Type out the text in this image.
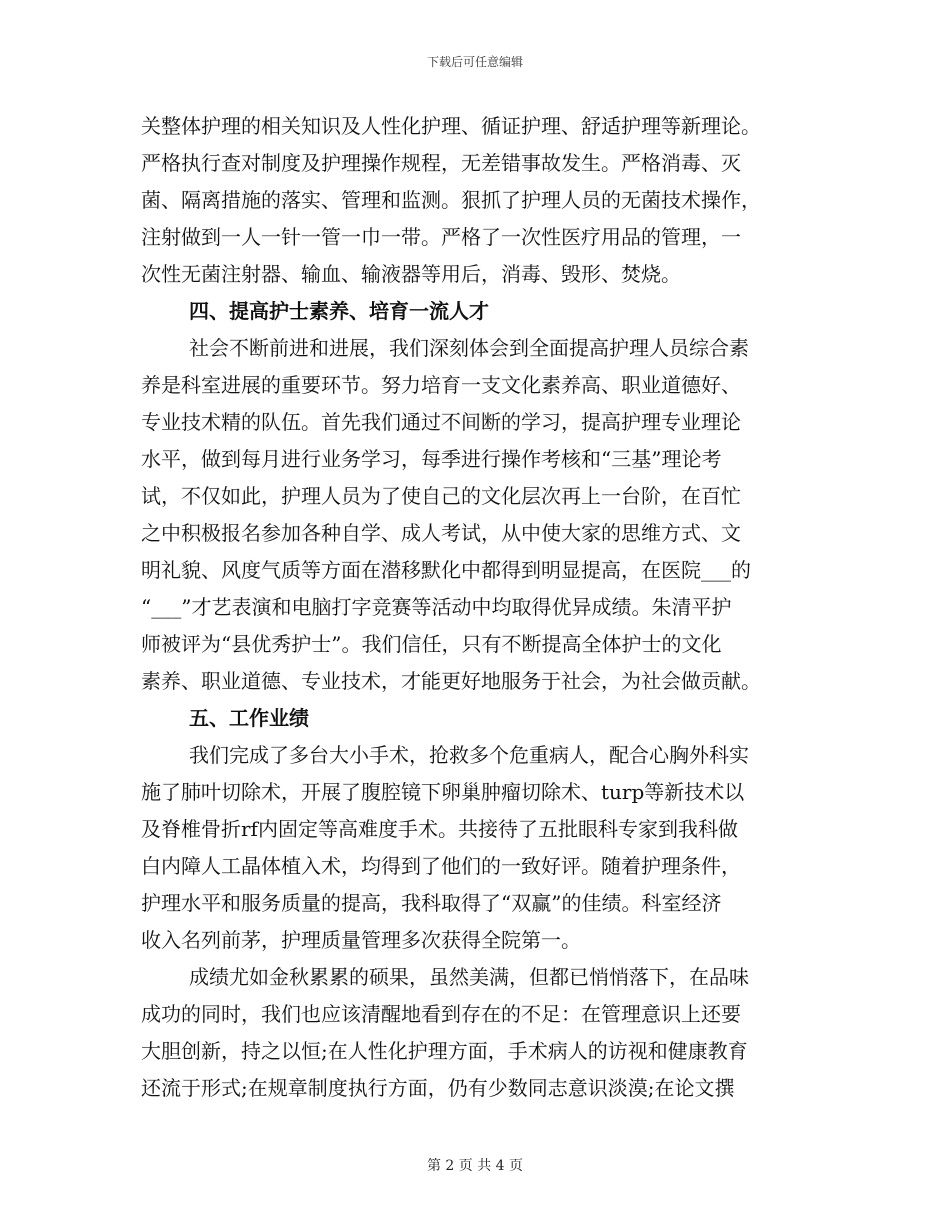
下载后可任意编辑
关整体护理的相关知识及人性化护理、循证护理、舒适护理等新理论。
严格执行查对制度及护理操作规程，无差错事故发生。严格消毒、灭
菌、隔离措施的落实、管理和监测。狠抓了护理人员的无菌技术操作，
注射做到一人一针一管一巾一带。严格了一次性医疗用品的管理，一
次性无菌注射器、输血、输液器等用后，消毒、毁形、焚烧。
四、提高护士素养、培育一流人才
社会不断前进和进展，我们深刻体会到全面提高护理人员综合素
养是科室进展的重要环节。努力培育一支文化素养高、职业道德好、
专业技术精的队伍。首先我们通过不间断的学习，提高护理专业理论
水平，做到每月进行业务学习，每季进行操作考核和“三基”理论考
试，不仅如此，护理人员为了使自己的文化层次再上一台阶，在百忙
之中积极报名参加各种自学、成人考试，从中使大家的思维方式、文
明礼貌、风度气质等方面在潜移默化中都得到明显提高，在医院___的
“___”才艺表演和电脑打字竞赛等活动中均取得优异成绩。朱清平护
师被评为“县优秀护士”。我们信任，只有不断提高全体护士的文化
素养、职业道德、专业技术，才能更好地服务于社会，为社会做贡献。
五、工作业绩
我们完成了多台大小手术，抢救多个危重病人，配合心胸外科实
施了肺叶切除术，开展了腹腔镜下卵巢肿瘤切除术、turp等新技术以
及脊椎骨折rf内固定等高难度手术。共接待了五批眼科专家到我科做
白内障人工晶体植入术，均得到了他们的一致好评。随着护理条件，
护理水平和服务质量的提高，我科取得了“双赢”的佳绩。科室经济
收入名列前茅，护理质量管理多次获得全院第一。
成绩尤如金秋累累的硕果，虽然美满，但都已悄悄落下，在品味
成功的同时，我们也应该清醒地看到存在的不足：在管理意识上还要
大胆创新，持之以恒;在人性化护理方面，手术病人的访视和健康教育
还流于形式;在规章制度执行方面，仍有少数同志意识淡漠;在论文撰
第 2 页 共 4 页
